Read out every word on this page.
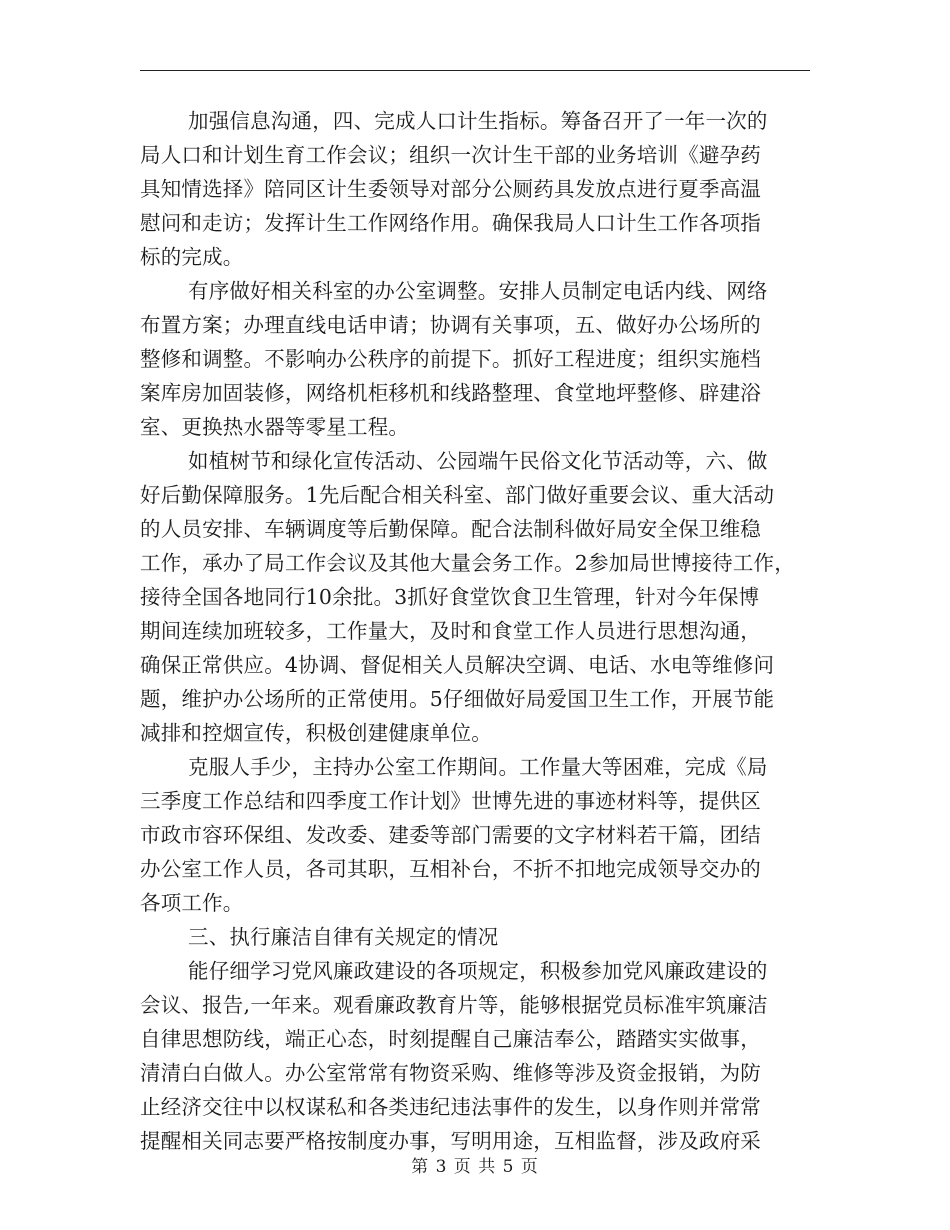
加强信息沟通，四、完成人口计生指标。筹备召开了一年一次的
局人口和计划生育工作会议；组织一次计生干部的业务培训《避孕药
具知情选择》陪同区计生委领导对部分公厕药具发放点进行夏季高温
慰问和走访；发挥计生工作网络作用。确保我局人口计生工作各项指
标的完成。
有序做好相关科室的办公室调整。安排人员制定电话内线、网络
布置方案；办理直线电话申请；协调有关事项，五、做好办公场所的
整修和调整。不影响办公秩序的前提下。抓好工程进度；组织实施档
案库房加固装修，网络机柜移机和线路整理、食堂地坪整修、辟建浴
室、更换热水器等零星工程。
如植树节和绿化宣传活动、公园端午民俗文化节活动等，六、做
好后勤保障服务。1先后配合相关科室、部门做好重要会议、重大活动
的人员安排、车辆调度等后勤保障。配合法制科做好局安全保卫维稳
工作，承办了局工作会议及其他大量会务工作。2参加局世博接待工作，
接待全国各地同行10余批。3抓好食堂饮食卫生管理，针对今年保博
期间连续加班较多，工作量大，及时和食堂工作人员进行思想沟通，
确保正常供应。4协调、督促相关人员解决空调、电话、水电等维修问
题，维护办公场所的正常使用。5仔细做好局爱国卫生工作，开展节能
减排和控烟宣传，积极创建健康单位。
克服人手少，主持办公室工作期间。工作量大等困难，完成《局
三季度工作总结和四季度工作计划》世博先进的事迹材料等，提供区
市政市容环保组、发改委、建委等部门需要的文字材料若干篇，团结
办公室工作人员，各司其职，互相补台，不折不扣地完成领导交办的
各项工作。
三、执行廉洁自律有关规定的情况
能仔细学习党风廉政建设的各项规定，积极参加党风廉政建设的
会议、报告,一年来。观看廉政教育片等，能够根据党员标准牢筑廉洁
自律思想防线，端正心态，时刻提醒自己廉洁奉公，踏踏实实做事，
清清白白做人。办公室常常有物资采购、维修等涉及资金报销，为防
止经济交往中以权谋私和各类违纪违法事件的发生，以身作则并常常
提醒相关同志要严格按制度办事，写明用途，互相监督，涉及政府采
第 3 页 共 5 页
